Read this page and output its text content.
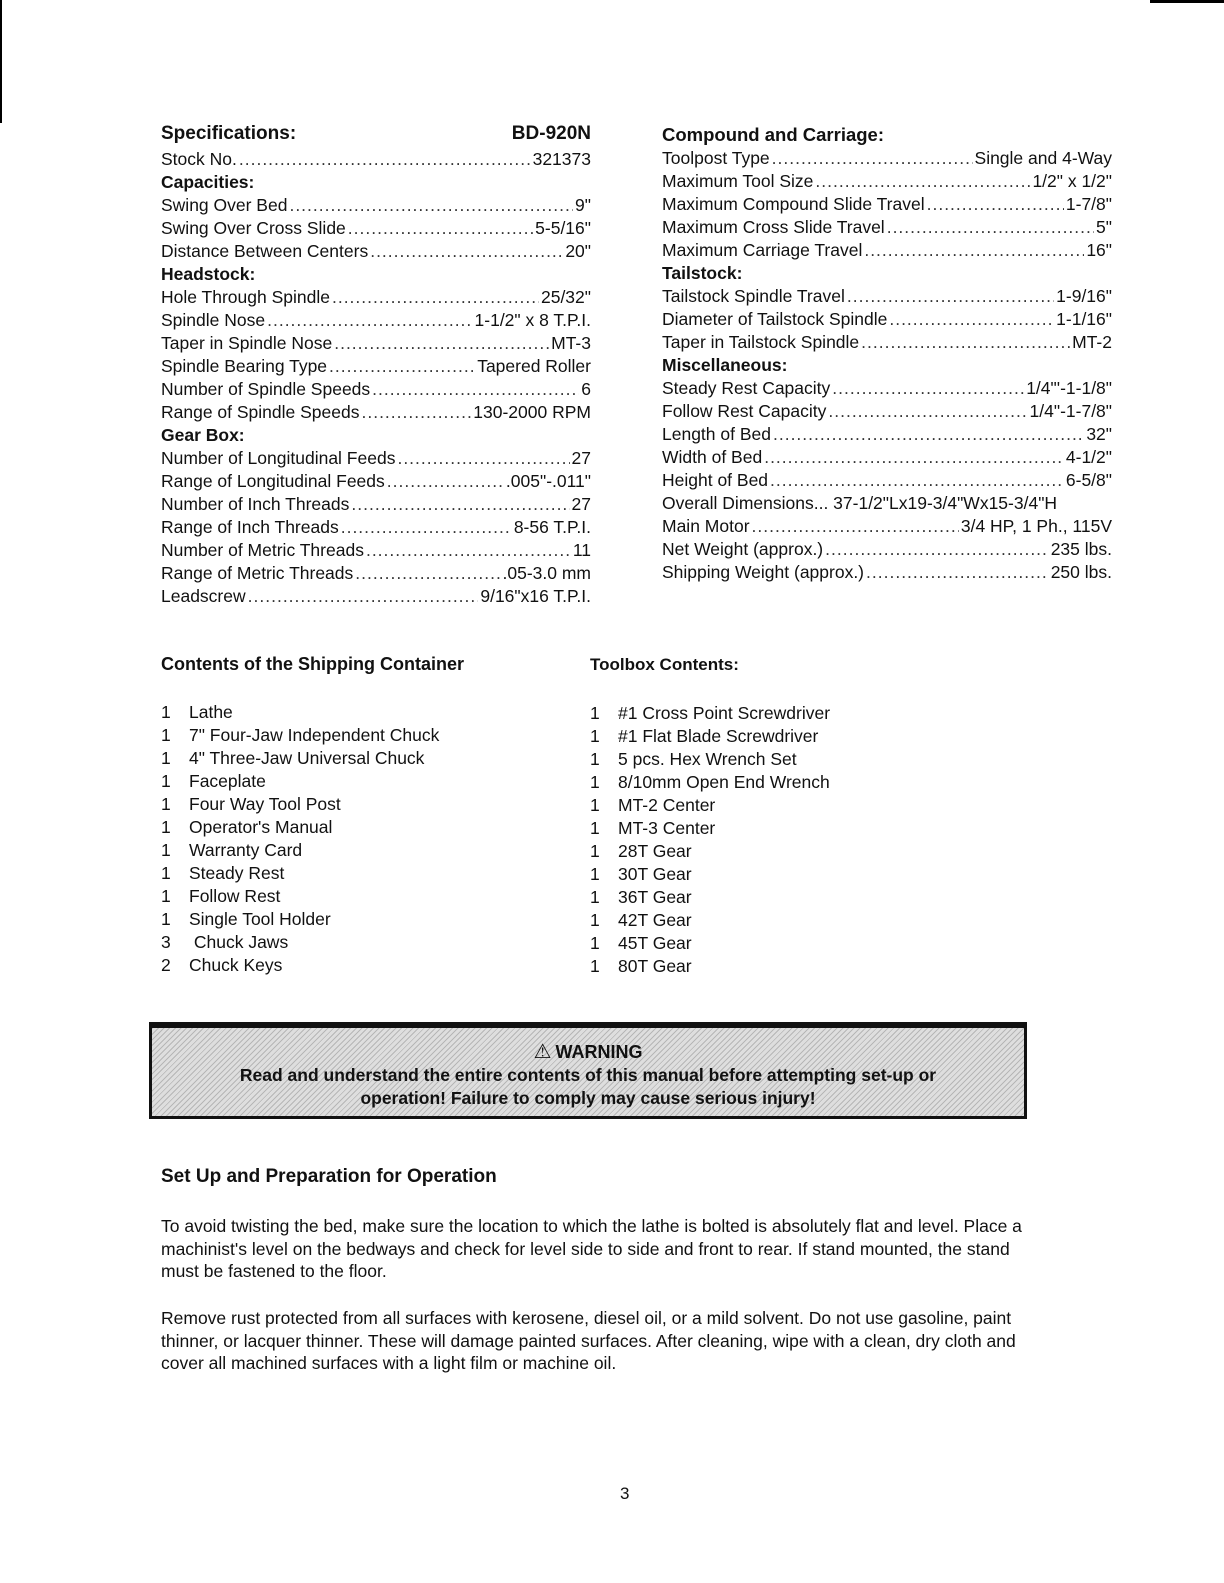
Specifications:	BD-920N
Stock No. .....	321373
Capacities:
Swing Over Bed .....	9"
Swing Over Cross Slide .....	5-5/16"
Distance Between Centers .....	20"
Headstock:
Hole Through Spindle .....	25/32"
Spindle Nose .....	1-1/2" x 8 T.P.I.
Taper in Spindle Nose .....	MT-3
Spindle Bearing Type .....	Tapered Roller
Number of Spindle Speeds .....	6
Range of Spindle Speeds .....	130-2000 RPM
Gear Box:
Number of Longitudinal Feeds .....	27
Range of Longitudinal Feeds .....	.005"-.011"
Number of Inch Threads .....	27
Range of Inch Threads .....	8-56 T.P.I.
Number of Metric Threads .....	11
Range of Metric Threads .....	.05-3.0 mm
Leadscrew .....	9/16"x16 T.P.I.
Compound and Carriage:
Toolpost Type .....	Single and 4-Way
Maximum Tool Size .....	1/2" x 1/2"
Maximum Compound Slide Travel .....	1-7/8"
Maximum Cross Slide Travel .....	5"
Maximum Carriage Travel .....	16"
Tailstock:
Tailstock Spindle Travel .....	1-9/16"
Diameter of Tailstock Spindle .....	1-1/16"
Taper in Tailstock Spindle .....	MT-2
Miscellaneous:
Steady Rest Capacity .....	1/4"'-1-1/8"
Follow Rest Capacity .....	1/4"-1-7/8"
Length of Bed .....	32"
Width of Bed .....	4-1/2"
Height of Bed .....	6-5/8"
Overall Dimensions... 37-1/2"Lx19-3/4"Wx15-3/4"H
Main Motor .....	3/4 HP, 1 Ph., 115V
Net Weight (approx.) .....	235 lbs.
Shipping Weight (approx.) .....	250 lbs.
Contents of the Shipping Container	Toolbox Contents:
1	Lathe
1	7" Four-Jaw Independent Chuck
1	4" Three-Jaw Universal Chuck
1	Faceplate
1	Four Way Tool Post
1	Operator's Manual
1	Warranty Card
1	Steady Rest
1	Follow Rest
1	Single Tool Holder
3	Chuck Jaws
2	Chuck Keys
1	#1 Cross Point Screwdriver
1	#1 Flat Blade Screwdriver
1	5 pcs. Hex Wrench Set
1	8/10mm Open End Wrench
1	MT-2 Center
1	MT-3 Center
1	28T Gear
1	30T Gear
1	36T Gear
1	42T Gear
1	45T Gear
1	80T Gear
⚠ WARNING
Read and understand the entire contents of this manual before attempting set-up or
operation! Failure to comply may cause serious injury!
Set Up and Preparation for Operation
To avoid twisting the bed, make sure the location to which the lathe is bolted is absolutely flat and level. Place a machinist's level on the bedways and check for level side to side and front to rear. If stand mounted, the stand must be fastened to the floor.
Remove rust protected from all surfaces with kerosene, diesel oil, or a mild solvent. Do not use gasoline, paint thinner, or lacquer thinner. These will damage painted surfaces. After cleaning, wipe with a clean, dry cloth and cover all machined surfaces with a light film or machine oil.
3
